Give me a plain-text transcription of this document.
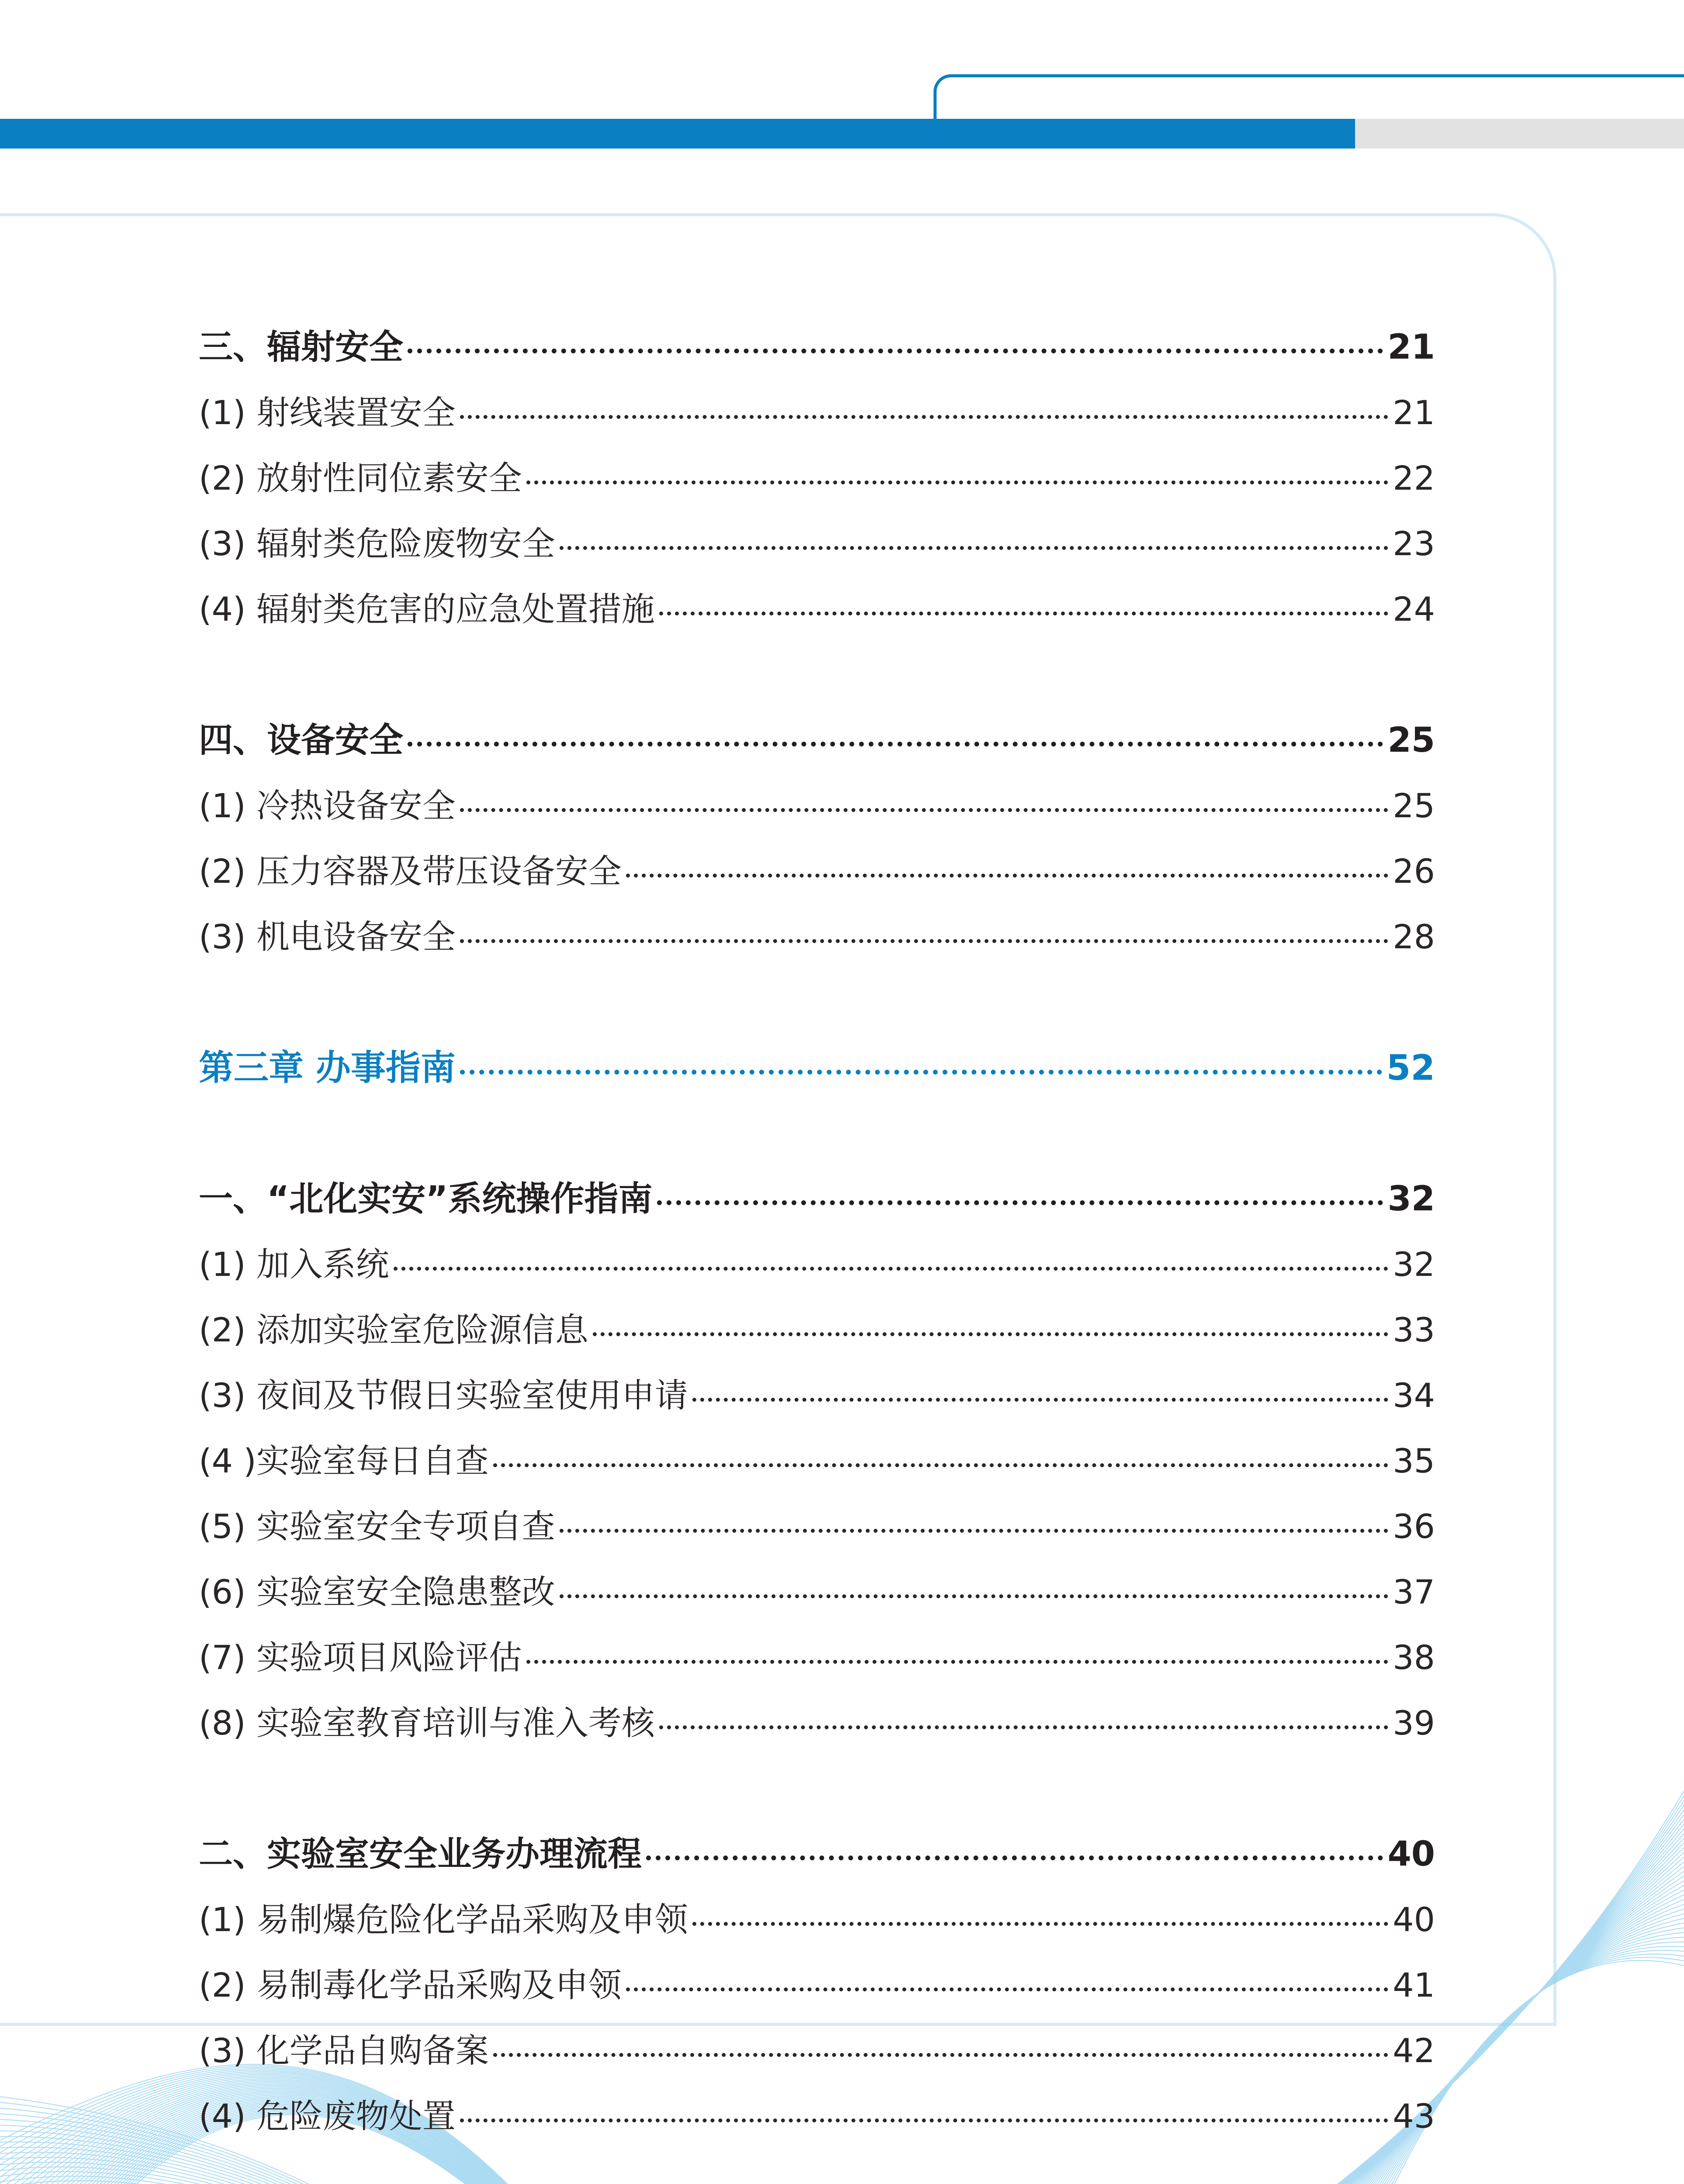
三、辐射安全	21
(1) 射线装置安全	21
(2) 放射性同位素安全	22
(3) 辐射类危险废物安全	23
(4) 辐射类危害的应急处置措施	24
四、设备安全	25
(1) 冷热设备安全	25
(2) 压力容器及带压设备安全	26
(3) 机电设备安全	28
第三章 办事指南	52
一、“北化实安”系统操作指南	32
(1) 加入系统	32
(2) 添加实验室危险源信息	33
(3) 夜间及节假日实验室使用申请	34
(4 )实验室每日自查	35
(5) 实验室安全专项自查	36
(6) 实验室安全隐患整改	37
(7) 实验项目风险评估	38
(8) 实验室教育培训与准入考核	39
二、实验室安全业务办理流程	40
(1) 易制爆危险化学品采购及申领	40
(2) 易制毒化学品采购及申领	41
(3) 化学品自购备案	42
(4) 危险废物处置	43
